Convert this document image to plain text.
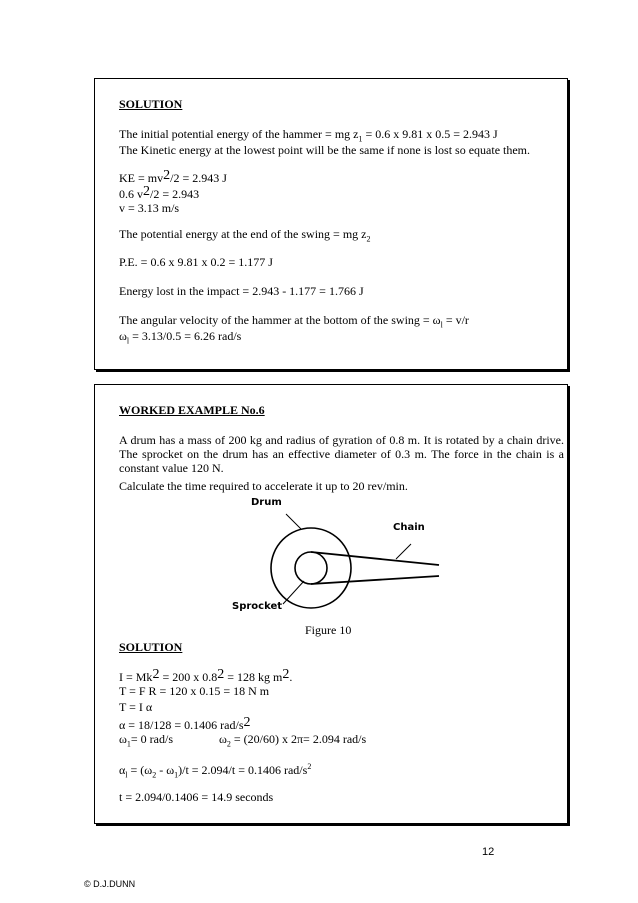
SOLUTION
The initial potential energy of the hammer = mg $z_1 = 0.6$ x 9.81 x 0.5 = 2.943 J
The Kinetic energy at the lowest point will be the same if none is lost so equate them.
KE = mv2/2 = 2.943 J
0.6 v2/2 = 2.943
v = 3.13 m/s
The potential energy at the end of the swing = mg $z_2$
P.E. = 0.6 x 9.81 x 0.2 = 1.177 J
Energy lost in the impact = 2.943 - 1.177 = 1.766 J
The angular velocity of the hammer at the bottom of the swing = $\omega_l = v/r$
$\omega_l = 3.13/0.5 = 6.26$ rad/s
WORKED EXAMPLE No.6
A drum has a mass of 200 kg and radius of gyration of 0.8 m. It is rotated by a chain drive. The sprocket on the drum has an effective diameter of 0.3 m. The force in the chain is a constant value 120 N.
Calculate the time required to accelerate it up to 20 rev/min.
Drum
Chain
Sprocket
Figure 10
SOLUTION
I = Mk2 = 200 x 0.82 = 128 kg m2.
T = F R = 120 x 0.15 = 18 N m
T = I α
α = 18/128 = 0.1406 rad/s2
$\omega_1= 0$ rad/s	$\omega_2 = (20/60)$ x 2π= 2.094 rad/s
$\alpha_l = (\omega_2 - \omega_1)/t = 2.094/t = 0.1406$ rad/$s^2$
t = 2.094/0.1406 = 14.9 seconds
12
© D.J.DUNN
